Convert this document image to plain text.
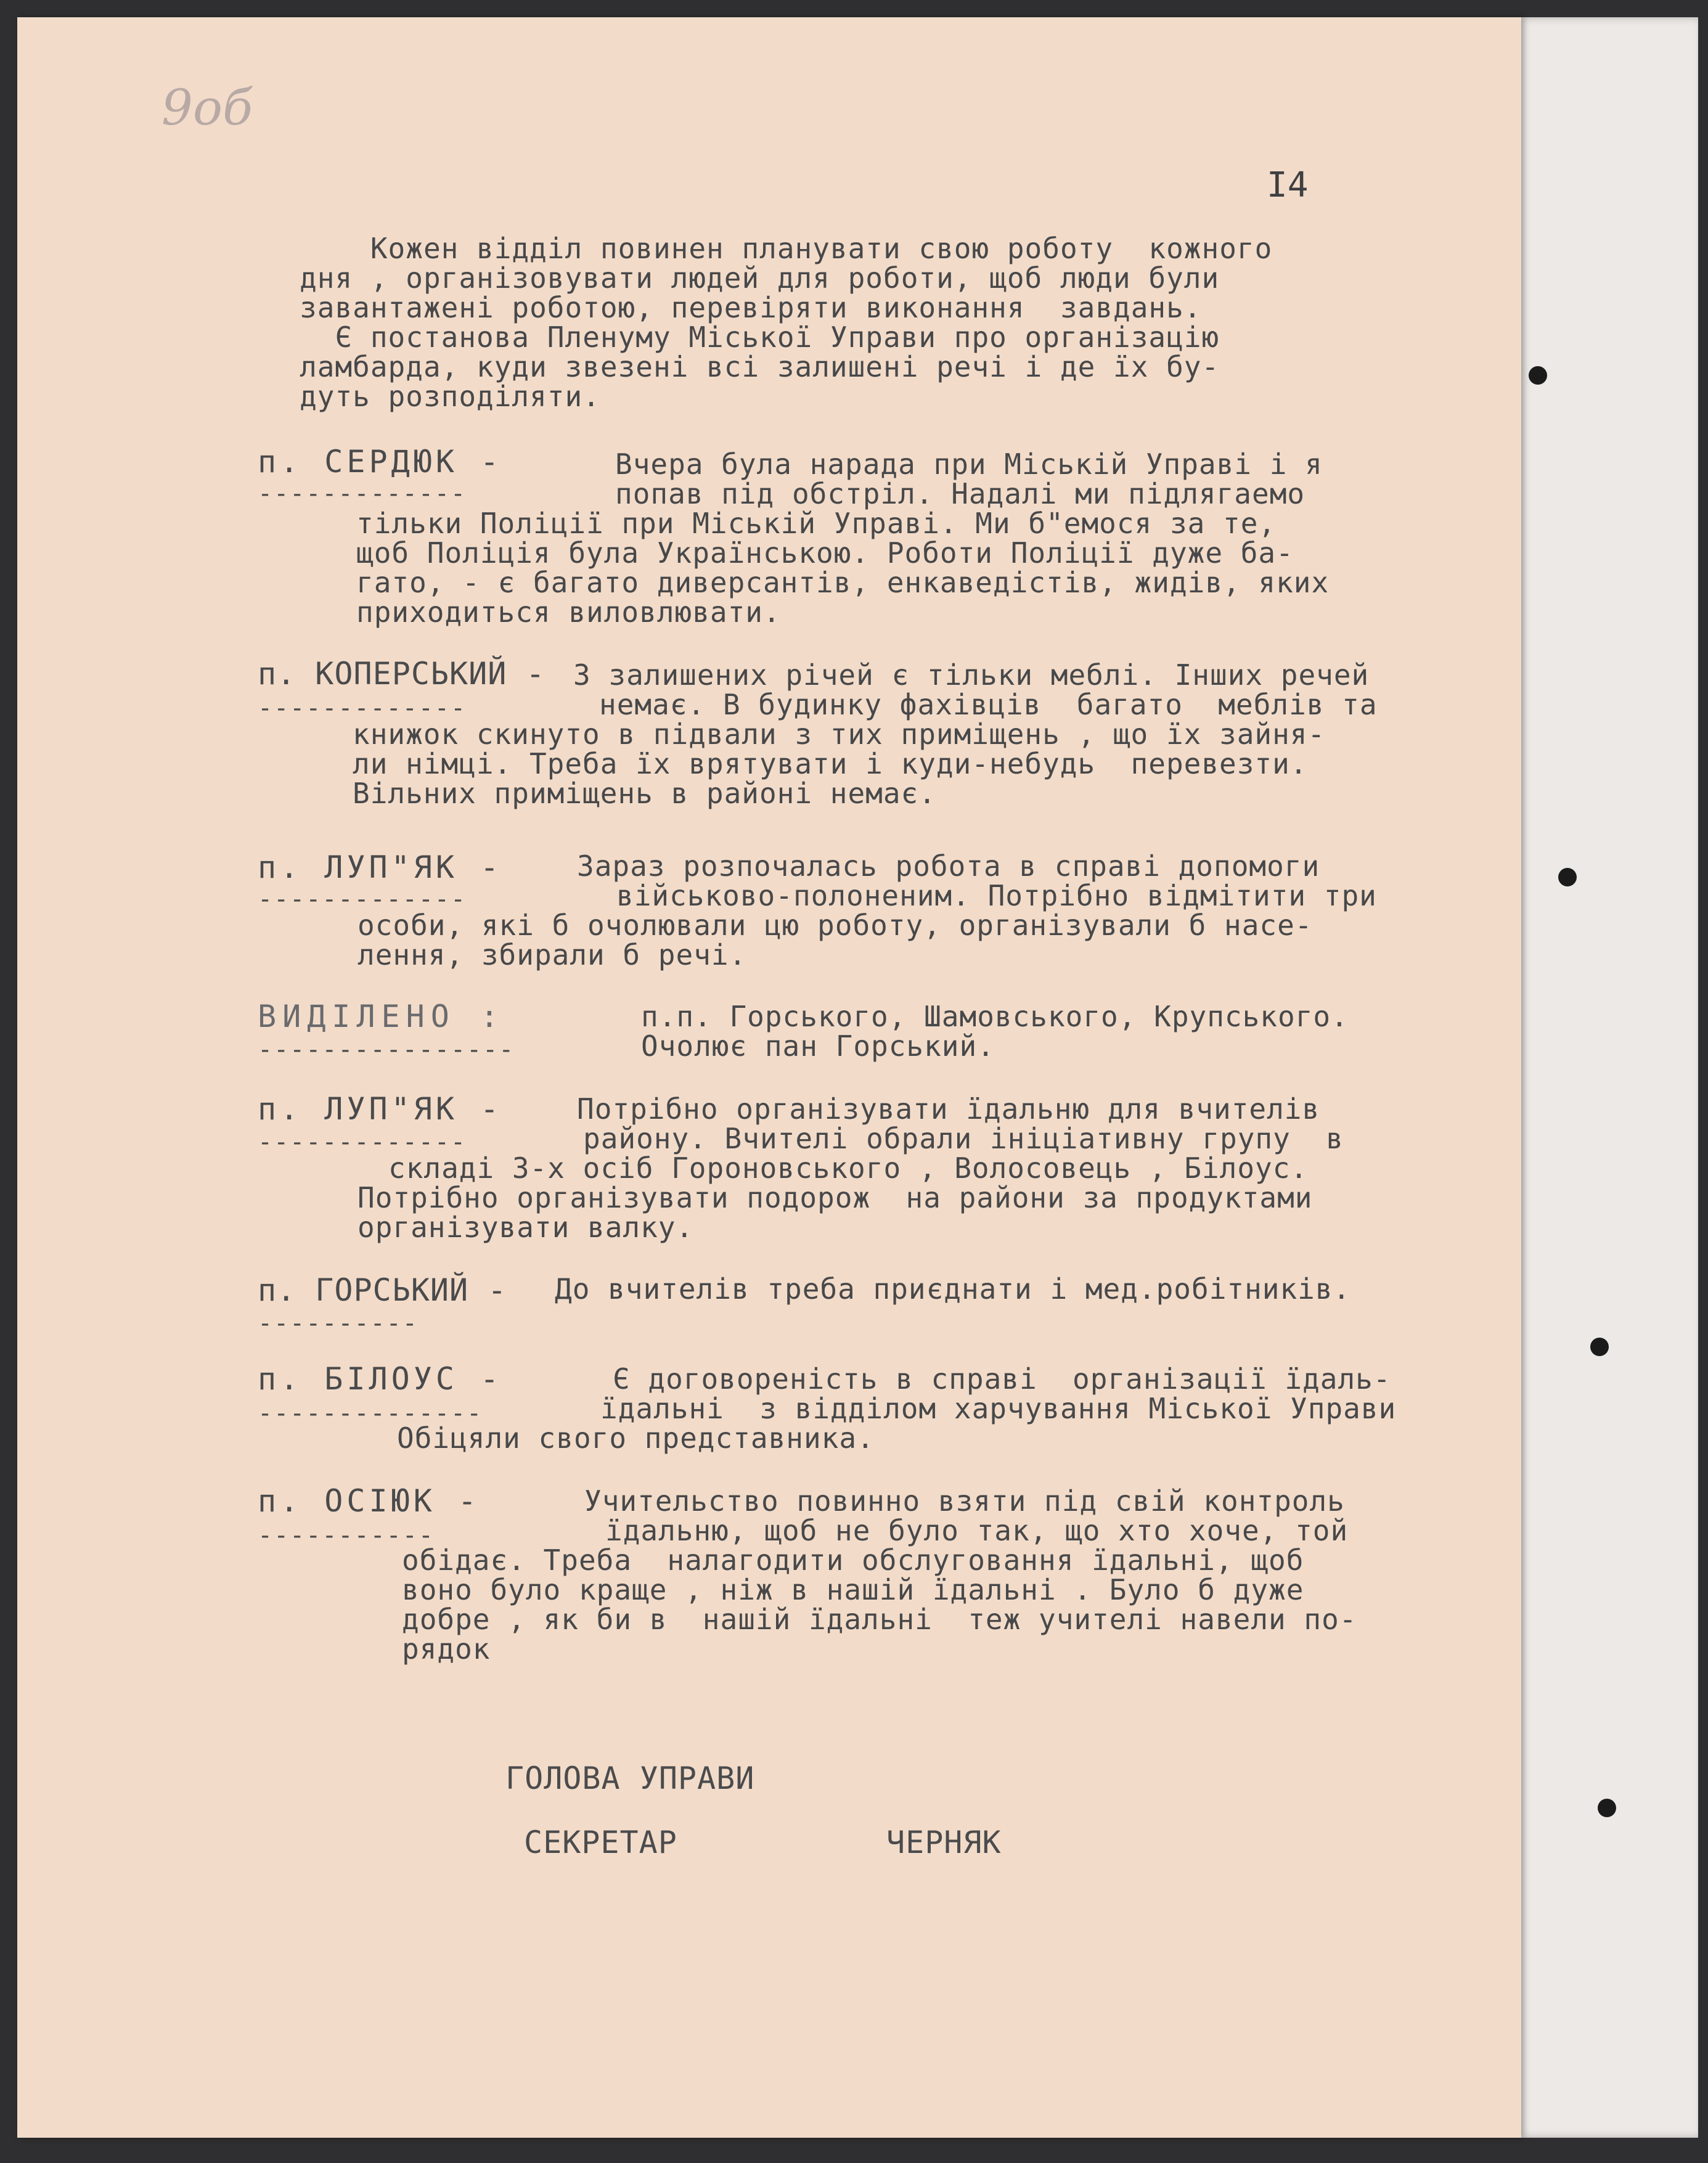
9об
I4
Кожен відділ повинен планувати свою роботу  кожного
дня , організовувати людей для роботи, щоб люди були
завантажені роботою, перевіряти виконання  завдань.
Є постанова Пленуму Міської Управи про організацію
ламбарда, куди звезені всі залишені речі і де їх бу-
дуть розподіляти.
п. СЕРДЮК -
-------------
Вчера була нарада при Міській Управі і я
попав під обстріл. Надалі ми підлягаемо
тільки Поліції при Міській Управі. Ми б"емося за те,
щоб Поліція була Українською. Роботи Поліції дуже ба-
гато, - є багато диверсантів, енкаведістів, жидів, яких
приходиться виловлювати.
п. КОПЕРСЬКИЙ -
-------------
З залишених річей є тільки меблі. Інших речей
немає. В будинку фахівців  багато  меблів та
книжок скинуто в підвали з тих приміщень , що їх зайня-
ли німці. Треба їх врятувати і куди-небудь  перевезти.
Вільних приміщень в районі немає.
п. ЛУП"ЯК -
-------------
Зараз розпочалась робота в справі допомоги
військово-полоненим. Потрібно відмітити три
особи, які б очолювали цю роботу, організували б насе-
лення, збирали б речі.
ВИДІЛЕНО :
----------------
п.п. Горського, Шамовського, Крупського.
Очолює пан Горський.
п. ЛУП"ЯК -
-------------
Потрібно організувати їдальню для вчителів
району. Вчителі обрали ініціативну групу  в
складі 3-х осіб Гороновського , Волосовець , Білоус.
Потрібно організувати подорож  на райони за продуктами
організувати валку.
п. ГОРСЬКИЙ -
----------
До вчителів треба приєднати і мед.робітників.
п. БІЛОУС -
--------------
Є договореність в справі  організації їдаль-
їдальні  з відділом харчування Міської Управи
Обіцяли свого представника.
п. ОСІЮК -
-----------
Учительство повинно взяти під свій контроль
їдальню, щоб не було так, що хто хоче, той
обідає. Треба  налагодити обслуговання їдальні, щоб
воно було краще , ніж в нашій їдальні . Було б дуже
добре , як би в  нашій їдальні  теж учителі навели по-
рядок
ГОЛОВА УПРАВИ
СЕКРЕТАР	ЧЕРНЯК
